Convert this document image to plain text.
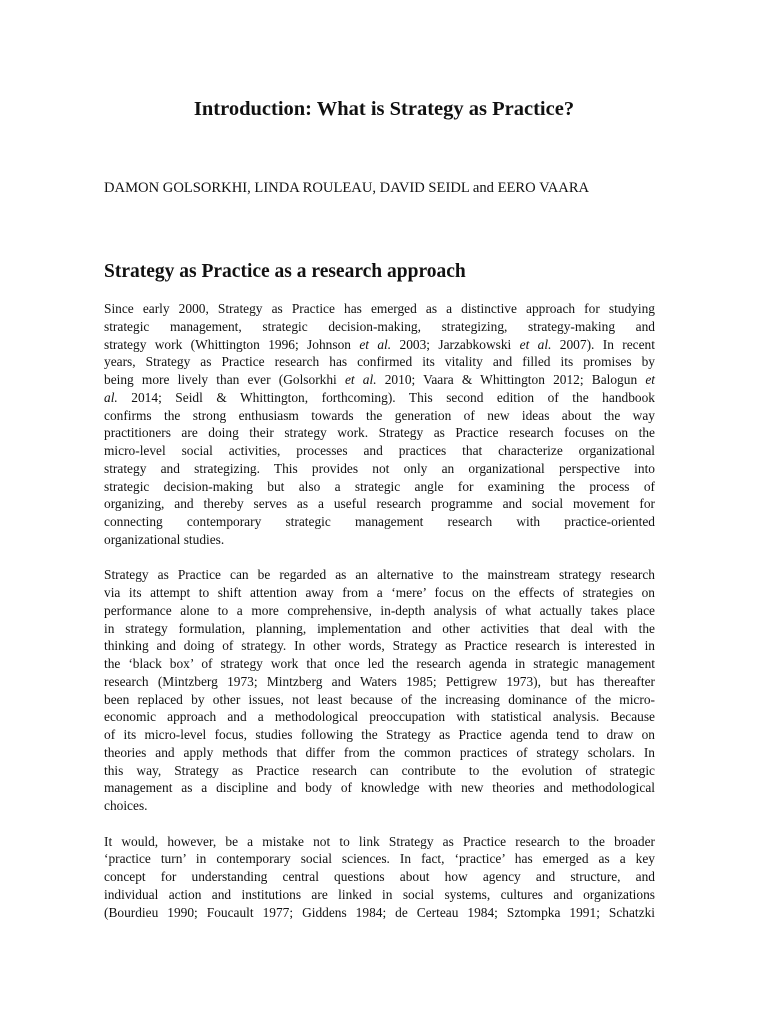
Introduction: What is Strategy as Practice?

DAMON GOLSORKHI, LINDA ROULEAU, DAVID SEIDL and EERO VAARA

Strategy as Practice as a research approach
Since early 2000, Strategy as Practice has emerged as a distinctive approach for studying
strategic management, strategic decision-making, strategizing, strategy-making and
strategy work (Whittington 1996; Johnson et al. 2003; Jarzabkowski et al. 2007). In recent
years, Strategy as Practice research has confirmed its vitality and filled its promises by
being more lively than ever (Golsorkhi et al. 2010; Vaara & Whittington 2012; Balogun et
al. 2014; Seidl & Whittington, forthcoming). This second edition of the handbook
confirms the strong enthusiasm towards the generation of new ideas about the way
practitioners are doing their strategy work. Strategy as Practice research focuses on the
micro-level social activities, processes and practices that characterize organizational
strategy and strategizing. This provides not only an organizational perspective into
strategic decision-making but also a strategic angle for examining the process of
organizing, and thereby serves as a useful research programme and social movement for
connecting contemporary strategic management research with practice-oriented
organizational studies.
Strategy as Practice can be regarded as an alternative to the mainstream strategy research
via its attempt to shift attention away from a ‘mere’ focus on the effects of strategies on
performance alone to a more comprehensive, in-depth analysis of what actually takes place
in strategy formulation, planning, implementation and other activities that deal with the
thinking and doing of strategy. In other words, Strategy as Practice research is interested in
the ‘black box’ of strategy work that once led the research agenda in strategic management
research (Mintzberg 1973; Mintzberg and Waters 1985; Pettigrew 1973), but has thereafter
been replaced by other issues, not least because of the increasing dominance of the micro-
economic approach and a methodological preoccupation with statistical analysis. Because
of its micro-level focus, studies following the Strategy as Practice agenda tend to draw on
theories and apply methods that differ from the common practices of strategy scholars. In
this way, Strategy as Practice research can contribute to the evolution of strategic
management as a discipline and body of knowledge with new theories and methodological
choices.
It would, however, be a mistake not to link Strategy as Practice research to the broader
‘practice turn’ in contemporary social sciences. In fact, ‘practice’ has emerged as a key
concept for understanding central questions about how agency and structure, and
individual action and institutions are linked in social systems, cultures and organizations
(Bourdieu 1990; Foucault 1977; Giddens 1984; de Certeau 1984; Sztompka 1991; Schatzki
